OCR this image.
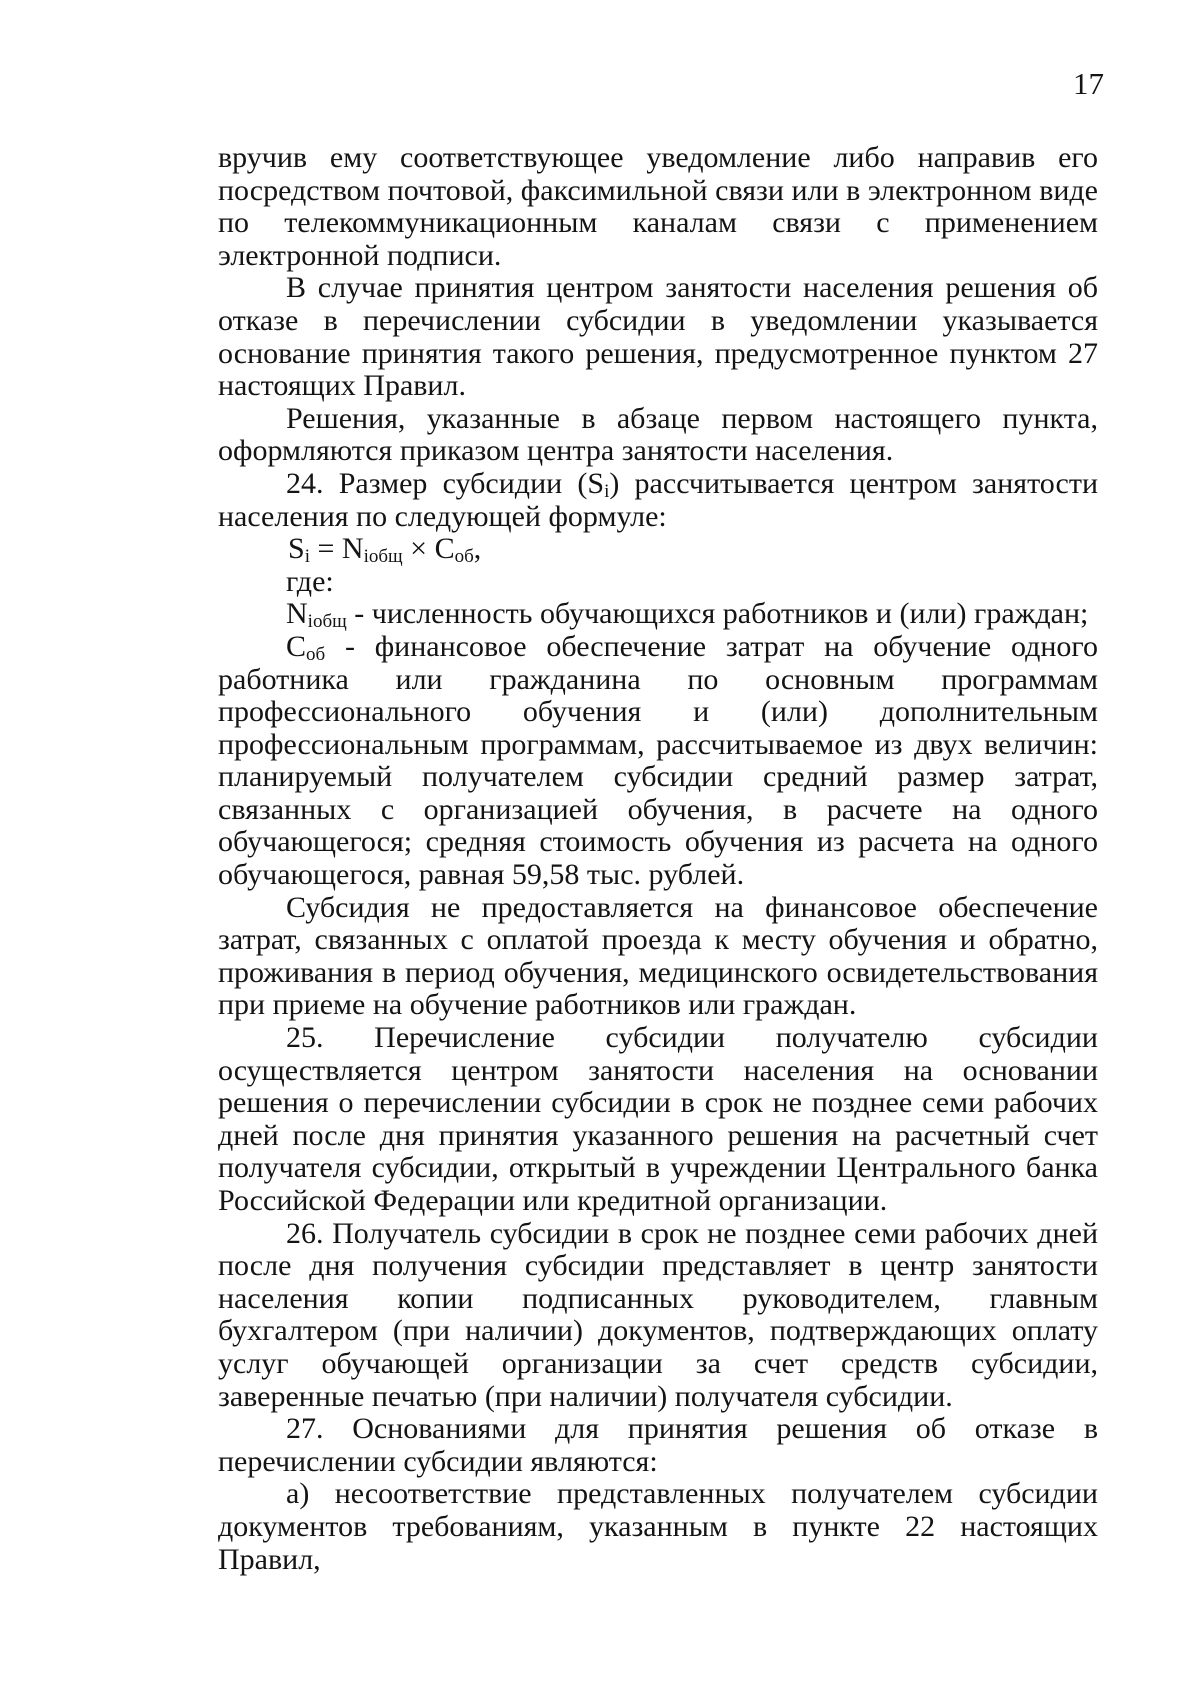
17

вручив ему соответствующее уведомление либо направив его посредством почтовой, факсимильной связи или в электронном виде по телекоммуникационным каналам связи с применением электронной подписи.

В случае принятия центром занятости населения решения об отказе в перечислении субсидии в уведомлении указывается основание принятия такого решения, предусмотренное пунктом 27 настоящих Правил.

Решения, указанные в абзаце первом настоящего пункта, оформляются приказом центра занятости населения.

24. Размер субсидии $(S_i)$ рассчитывается центром занятости населения по следующей формуле:

$S_i = N_{iобщ} \times C_{об}$,

где:

$N_{iобщ}$ - численность обучающихся работников и (или) граждан;

$С_{об}$ - финансовое обеспечение затрат на обучение одного работника или гражданина по основным программам профессионального обучения и (или) дополнительным профессиональным программам, рассчитываемое из двух величин: планируемый получателем субсидии средний размер затрат, связанных с организацией обучения, в расчете на одного обучающегося; средняя стоимость обучения из расчета на одного обучающегося, равная 59,58 тыс. рублей.

Субсидия не предоставляется на финансовое обеспечение затрат, связанных с оплатой проезда к месту обучения и обратно, проживания в период обучения, медицинского освидетельствования при приеме на обучение работников или граждан.

25. Перечисление субсидии получателю субсидии осуществляется центром занятости населения на основании решения о перечислении субсидии в срок не позднее семи рабочих дней после дня принятия указанного решения на расчетный счет получателя субсидии, открытый в учреждении Центрального банка Российской Федерации или кредитной организации.

26. Получатель субсидии в срок не позднее семи рабочих дней после дня получения субсидии представляет в центр занятости населения копии подписанных руководителем, главным бухгалтером (при наличии) документов, подтверждающих оплату услуг обучающей организации за счет средств субсидии, заверенные печатью (при наличии) получателя субсидии.

27. Основаниями для принятия решения об отказе в перечислении субсидии являются:

а) несоответствие представленных получателем субсидии документов требованиям, указанным в пункте 22 настоящих Правил,
